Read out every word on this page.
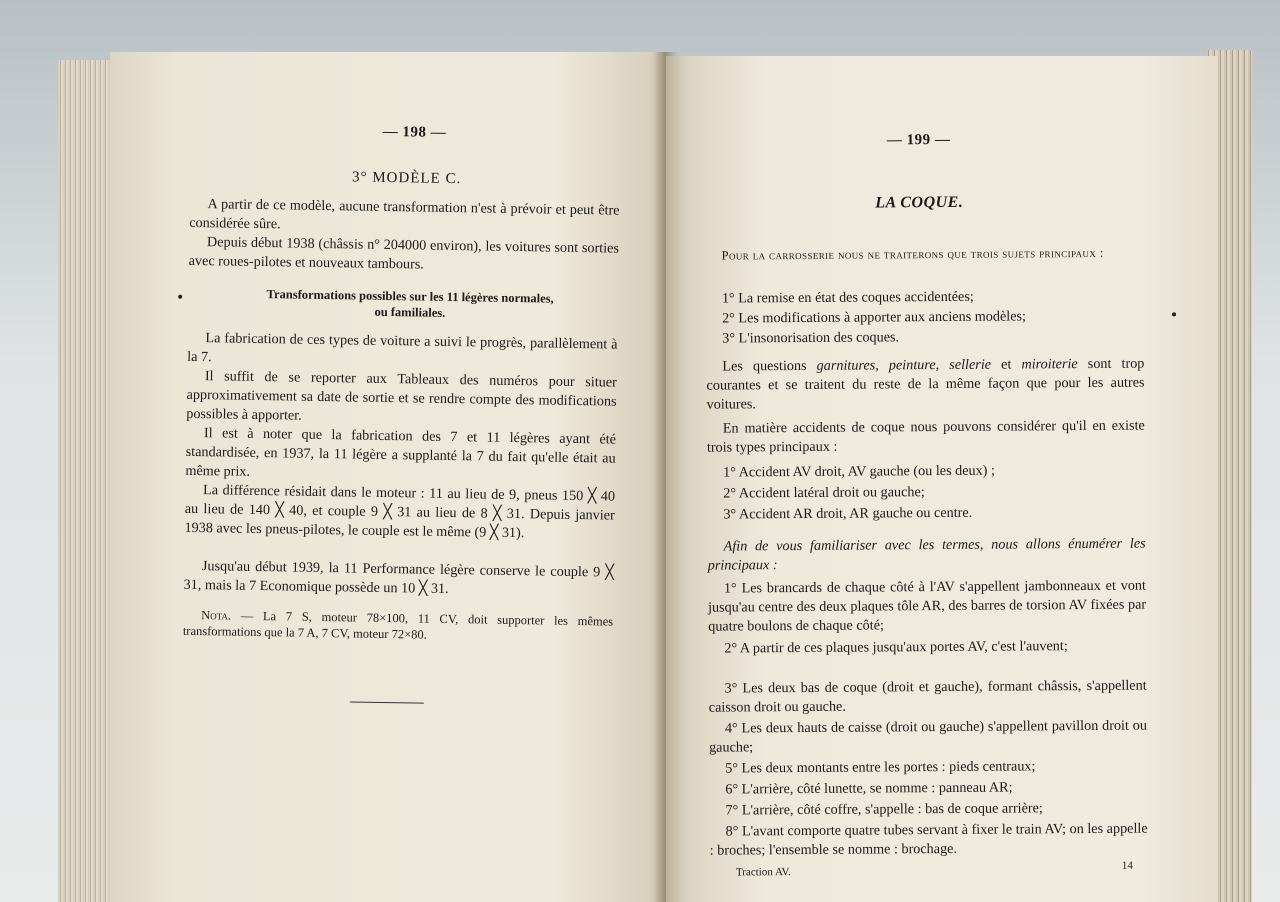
— 198 —
3° MODÈLE C.
A partir de ce modèle, aucune transformation n'est à prévoir et peut être considérée sûre.
Depuis début 1938 (châssis n° 204000 environ), les voitures sont sorties avec roues-pilotes et nouveaux tambours.
Transformations possibles sur les 11 légères normales,
ou familiales.
La fabrication de ces types de voiture a suivi le progrès, parallèlement à la 7.
Il suffit de se reporter aux Tableaux des numéros pour situer approximativement sa date de sortie et se rendre compte des modifications possibles à apporter.
Il est à noter que la fabrication des 7 et 11 légères ayant été standardisée, en 1937, la 11 légère a supplanté la 7 du fait qu'elle était au même prix.
La différence résidait dans le moteur : 11 au lieu de 9, pneus 150 ╳ 40 au lieu de 140 ╳ 40, et couple 9 ╳ 31 au lieu de 8 ╳ 31. Depuis janvier 1938 avec les pneus-pilotes, le couple est le même (9 ╳ 31).
Jusqu'au début 1939, la 11 Performance légère conserve le couple 9 ╳ 31, mais la 7 Economique possède un 10 ╳ 31.
Nota. — La 7 S, moteur 78×100, 11 CV, doit supporter les mêmes transformations que la 7 A, 7 CV, moteur 72×80.
— 199 —
LA COQUE.
Pour la carrosserie nous ne traiterons que trois sujets principaux :
1° La remise en état des coques accidentées;
2° Les modifications à apporter aux anciens modèles;
3° L'insonorisation des coques.
Les questions garnitures, peinture, sellerie et miroiterie sont trop courantes et se traitent du reste de la même façon que pour les autres voitures.
En matière accidents de coque nous pouvons considérer qu'il en existe trois types principaux :
1° Accident AV droit, AV gauche (ou les deux) ;
2° Accident latéral droit ou gauche;
3° Accident AR droit, AR gauche ou centre.
Afin de vous familiariser avec les termes, nous allons énumérer les principaux :
1° Les brancards de chaque côté à l'AV s'appellent jambonneaux et vont jusqu'au centre des deux plaques tôle AR, des barres de torsion AV fixées par quatre boulons de chaque côté;
2° A partir de ces plaques jusqu'aux portes AV, c'est l'auvent;
3° Les deux bas de coque (droit et gauche), formant châssis, s'appellent caisson droit ou gauche.
4° Les deux hauts de caisse (droit ou gauche) s'appellent pavillon droit ou gauche;
5° Les deux montants entre les portes : pieds centraux;
6° L'arrière, côté lunette, se nomme : panneau AR;
7° L'arrière, côté coffre, s'appelle : bas de coque arrière;
8° L'avant comporte quatre tubes servant à fixer le train AV; on les appelle : broches; l'ensemble se nomme : brochage.
Traction AV.
14
